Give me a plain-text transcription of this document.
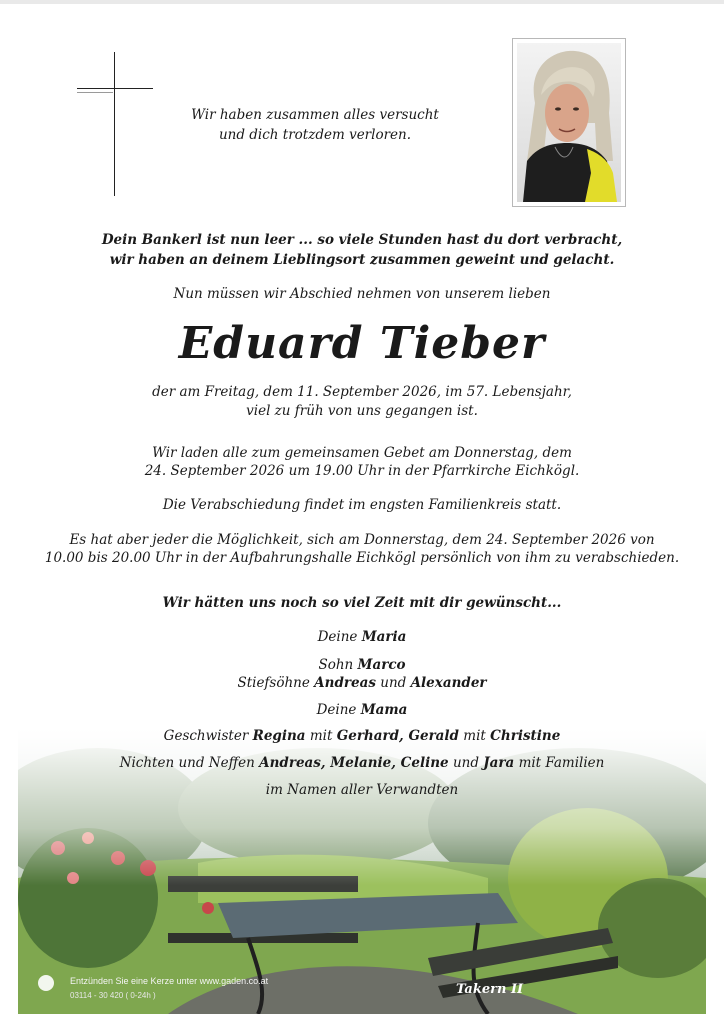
Wir haben zusammen alles versucht
und dich trotzdem verloren.
Dein Bankerl ist nun leer ... so viele Stunden hast du dort verbracht,
wir haben an deinem Lieblingsort zusammen geweint und gelacht.
Nun müssen wir Abschied nehmen von unserem lieben
Eduard Tieber
der am Freitag, dem 11. September 2026, im 57. Lebensjahr,
viel zu früh von uns gegangen ist.
Wir laden alle zum gemeinsamen Gebet am Donnerstag, dem
24. September 2026 um 19.00 Uhr in der Pfarrkirche Eichkögl.
Die Verabschiedung findet im engsten Familienkreis statt.
Es hat aber jeder die Möglichkeit, sich am Donnerstag, dem 24. September 2026 von
10.00 bis 20.00 Uhr in der Aufbahrungshalle Eichkögl persönlich von ihm zu verabschieden.
Wir hätten uns noch so viel Zeit mit dir gewünscht...
Deine Maria
Sohn Marco
Stiefsöhne Andreas und Alexander
Deine Mama
Geschwister Regina mit Gerhard, Gerald mit Christine
Nichten und Neffen Andreas, Melanie, Celine und Jara mit Familien
im Namen aller Verwandten
Entzünden Sie eine Kerze unter www.gaden.co.at
03114 - 30 420 ( 0-24h )	Takern II
